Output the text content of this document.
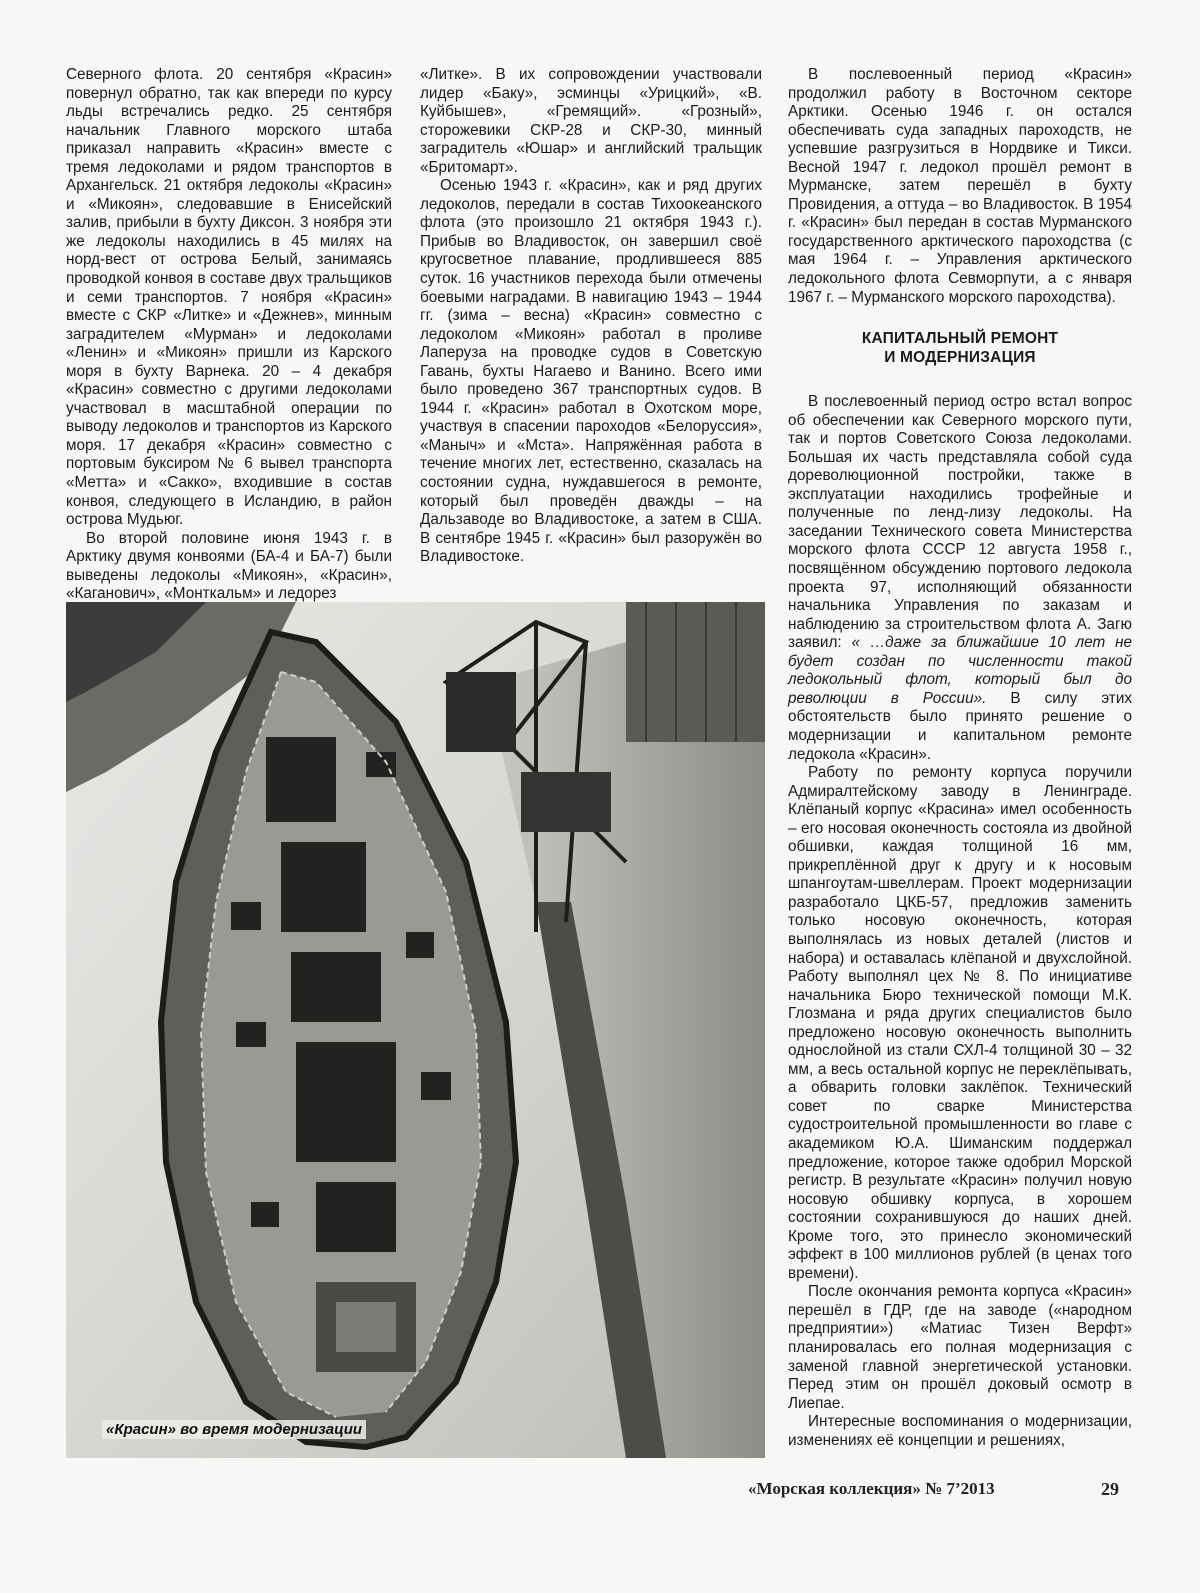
Северного флота. 20 сентября «Красин» повернул обратно, так как впереди по курсу льды встречались редко. 25 сентября начальник Главного морского штаба приказал направить «Красин» вместе с тремя ледоколами и рядом транспортов в Архангельск. 21 октября ледоколы «Красин» и «Микоян», следовавшие в Енисейский залив, прибыли в бухту Диксон. 3 ноября эти же ледоколы находились в 45 милях на норд-вест от острова Белый, занимаясь проводкой конвоя в составе двух тральщиков и семи транспортов. 7 ноября «Красин» вместе с СКР «Литке» и «Дежнев», минным заградителем «Мурман» и ледоколами «Ленин» и «Микоян» пришли из Карского моря в бухту Варнека. 20 – 4 декабря «Красин» совместно с другими ледоколами участвовал в масштабной операции по выводу ледоколов и транспортов из Карского моря. 17 декабря «Красин» совместно с портовым буксиром № 6 вывел транспорта «Метта» и «Сакко», входившие в состав конвоя, следующего в Исландию, в район острова Мудьюг.

Во второй половине июня 1943 г. в Арктику двумя конвоями (БА-4 и БА-7) были выведены ледоколы «Микоян», «Красин», «Каганович», «Монткальм» и ледорез

«Литке». В их сопровождении участвовали лидер «Баку», эсминцы «Урицкий», «В. Куйбышев», «Гремящий». «Грозный», сторожевики СКР-28 и СКР-30, минный заградитель «Юшар» и английский тральщик «Бритомарт».

Осенью 1943 г. «Красин», как и ряд других ледоколов, передали в состав Тихоокеанского флота (это произошло 21 октября 1943 г.). Прибыв во Владивосток, он завершил своё кругосветное плавание, продлившееся 885 суток. 16 участников перехода были отмечены боевыми наградами. В навигацию 1943 – 1944 гг. (зима – весна) «Красин» совместно с ледоколом «Микоян» работал в проливе Лаперуза на проводке судов в Советскую Гавань, бухты Нагаево и Ванино. Всего ими было проведено 367 транспортных судов. В 1944 г. «Красин» работал в Охотском море, участвуя в спасении пароходов «Белоруссия», «Маныч» и «Мста». Напряжённая работа в течение многих лет, естественно, сказалась на состоянии судна, нуждавшегося в ремонте, который был проведён дважды – на Дальзаводе во Владивостоке, а затем в США. В сентябре 1945 г. «Красин» был разоружён во Владивостоке.

В послевоенный период «Красин» продолжил работу в Восточном секторе Арктики. Осенью 1946 г. он остался обеспечивать суда западных пароходств, не успевшие разгрузиться в Нордвике и Тикси. Весной 1947 г. ледокол прошёл ремонт в Мурманске, затем перешёл в бухту Провидения, а оттуда – во Владивосток. В 1954 г. «Красин» был передан в состав Мурманского государственного арктического пароходства (с мая 1964 г. – Управления арктического ледокольного флота Севморпути, а с января 1967 г. – Мурманского морского пароходства).

КАПИТАЛЬНЫЙ РЕМОНТ
И МОДЕРНИЗАЦИЯ

В послевоенный период остро встал вопрос об обеспечении как Северного морского пути, так и портов Советского Союза ледоколами. Большая их часть представляла собой суда дореволюционной постройки, также в эксплуатации находились трофейные и полученные по ленд-лизу ледоколы. На заседании Технического совета Министерства морского флота СССР 12 августа 1958 г., посвящённом обсуждению портового ледокола проекта 97, исполняющий обязанности начальника Управления по заказам и наблюдению за строительством флота А. Загю заявил: « …даже за ближайшие 10 лет не будет создан по численности такой ледокольный флот, который был до революции в России». В силу этих обстоятельств было принято решение о модернизации и капитальном ремонте ледокола «Красин».

Работу по ремонту корпуса поручили Адмиралтейскому заводу в Ленинграде. Клёпаный корпус «Красина» имел особенность – его носовая оконечность состояла из двойной обшивки, каждая толщиной 16 мм, прикреплённой друг к другу и к носовым шпангоутам-швеллерам. Проект модернизации разработало ЦКБ-57, предложив заменить только носовую оконечность, которая выполнялась из новых деталей (листов и набора) и оставалась клёпаной и двухслойной. Работу выполнял цех № 8. По инициативе начальника Бюро технической помощи М.К. Глозмана и ряда других специалистов было предложено носовую оконечность выполнить однослойной из стали СХЛ-4 толщиной 30 – 32 мм, а весь остальной корпус не переклёпывать, а обварить головки заклёпок. Технический совет по сварке Министерства судостроительной промышленности во главе с академиком Ю.А. Шиманским поддержал предложение, которое также одобрил Морской регистр. В результате «Красин» получил новую носовую обшивку корпуса, в хорошем состоянии сохранившуюся до наших дней. Кроме того, это принесло экономический эффект в 100 миллионов рублей (в ценах того времени).

После окончания ремонта корпуса «Красин» перешёл в ГДР, где на заводе («народном предприятии») «Матиас Тизен Верфт» планировалась его полная модернизация с заменой главной энергетической установки. Перед этим он прошёл доковый осмотр в Лиепае.

Интересные воспоминания о модернизации, изменениях её концепции и решениях,

«Красин» во время модернизации
«Морская коллекция» № 7’2013	29
